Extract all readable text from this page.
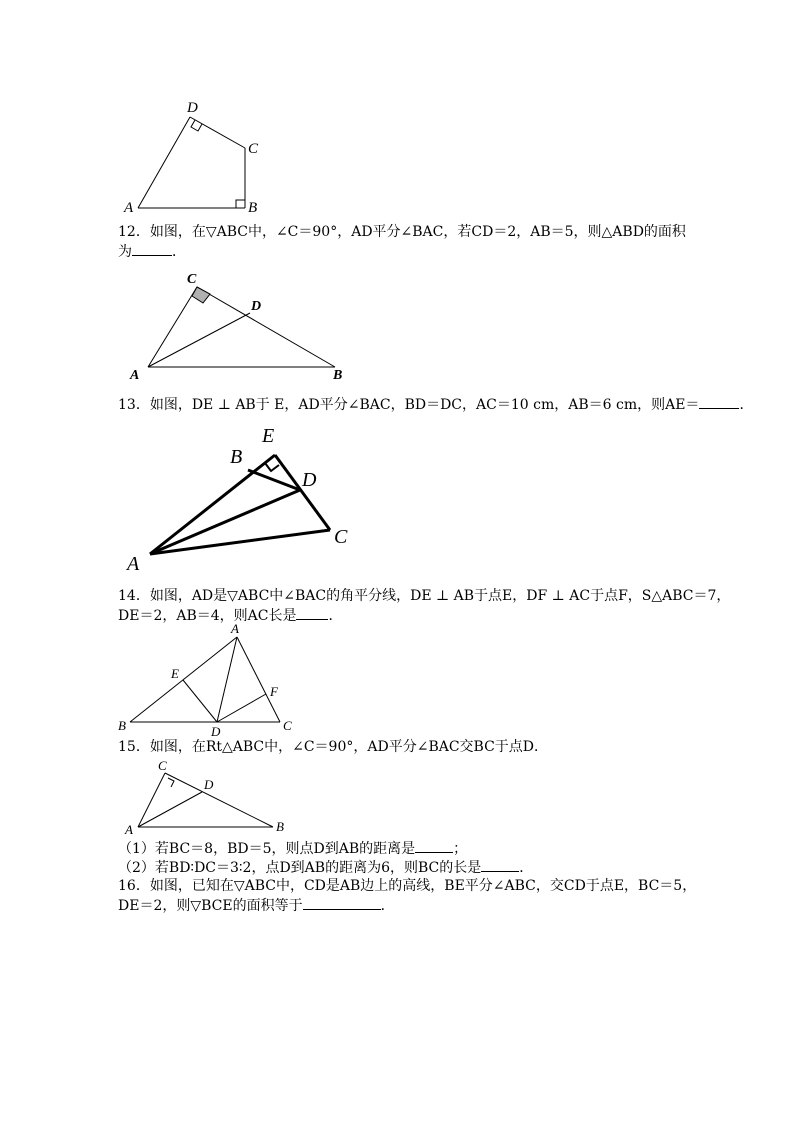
D
C
A	B
12．如图，在▽ABC中，∠C＝90°，AD平分∠BAC，若CD＝2，AB＝5，则△ABD的面积
为	．
C
D
A	B
13．如图，DE ⊥ AB于 E，AD平分∠BAC，BD＝DC，AC＝10 cm，AB＝6 cm，则AE＝	．
E
B
D
A
C
14．如图，AD是▽ABC中∠BAC的角平分线，DE ⊥ AB于点E，DF ⊥ AC于点F，S△ABC＝7，
DE＝2，AB＝4，则AC长是 ．
A
E
F
B	D	C
15．如图，在Rt△ABC中，∠C＝90°，AD平分∠BAC交BC于点D．
C
D
A	B
（1）若BC＝8，BD＝5，则点D到AB的距离是	；
（2）若BD∶DC＝3∶2，点D到AB的距离为6，则BC的长是	．
16．如图，已知在▽ABC中，CD是AB边上的高线，BE平分∠ABC，交CD于点E，BC＝5，
DE＝2，则▽BCE的面积等于	．
